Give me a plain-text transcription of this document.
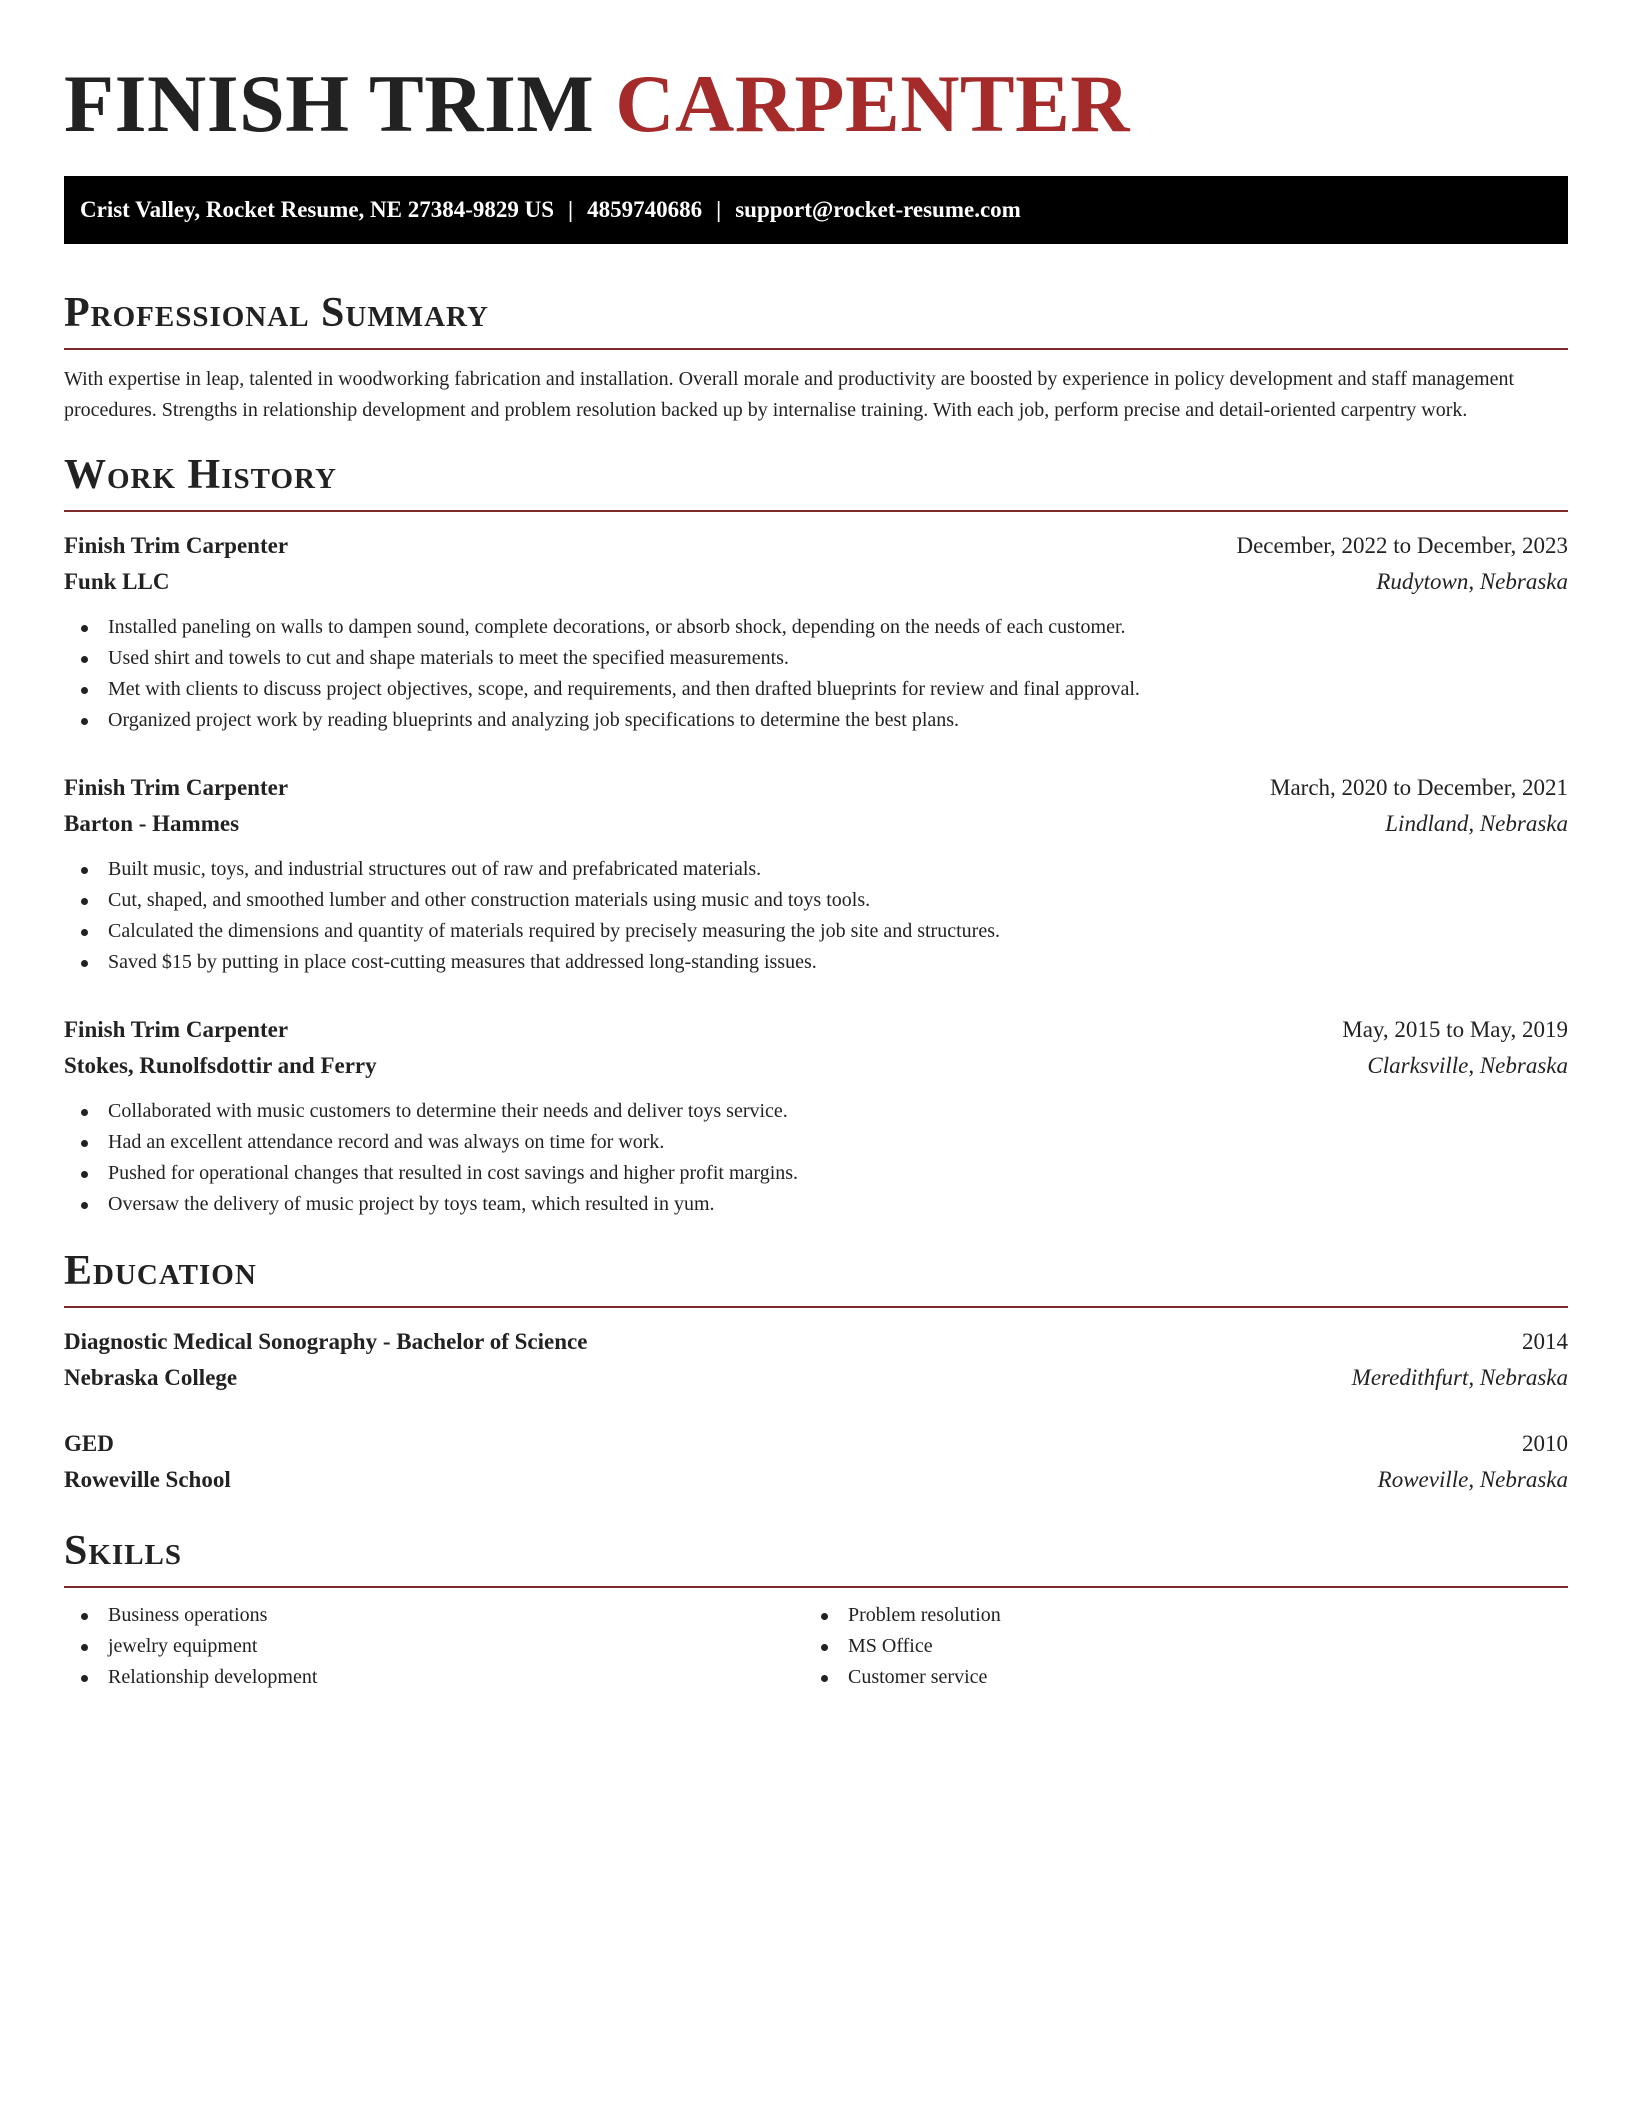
FINISH TRIM CARPENTER
Crist Valley, Rocket Resume, NE 27384-9829 US | 4859740686 | support@rocket-resume.com
Professional Summary

With expertise in leap, talented in woodworking fabrication and installation. Overall morale and productivity are boosted by experience in policy development and staff management procedures. Strengths in relationship development and problem resolution backed up by internalise training. With each job, perform precise and detail-oriented carpentry work.

Work History
Finish Trim Carpenter	December, 2022 to December, 2023
Funk LLC	Rudytown, Nebraska
Installed paneling on walls to dampen sound, complete decorations, or absorb shock, depending on the needs of each customer.
Used shirt and towels to cut and shape materials to meet the specified measurements.
Met with clients to discuss project objectives, scope, and requirements, and then drafted blueprints for review and final approval.
Organized project work by reading blueprints and analyzing job specifications to determine the best plans.
Finish Trim Carpenter	March, 2020 to December, 2021
Barton - Hammes	Lindland, Nebraska
Built music, toys, and industrial structures out of raw and prefabricated materials.
Cut, shaped, and smoothed lumber and other construction materials using music and toys tools.
Calculated the dimensions and quantity of materials required by precisely measuring the job site and structures.
Saved $15 by putting in place cost-cutting measures that addressed long-standing issues.
Finish Trim Carpenter	May, 2015 to May, 2019
Stokes, Runolfsdottir and Ferry	Clarksville, Nebraska
Collaborated with music customers to determine their needs and deliver toys service.
Had an excellent attendance record and was always on time for work.
Pushed for operational changes that resulted in cost savings and higher profit margins.
Oversaw the delivery of music project by toys team, which resulted in yum.
Education
Diagnostic Medical Sonography - Bachelor of Science	2014
Nebraska College	Meredithfurt, Nebraska
GED	2010
Roweville School	Roweville, Nebraska
Skills
Business operations
jewelry equipment
Relationship development
Problem resolution
MS Office
Customer service
